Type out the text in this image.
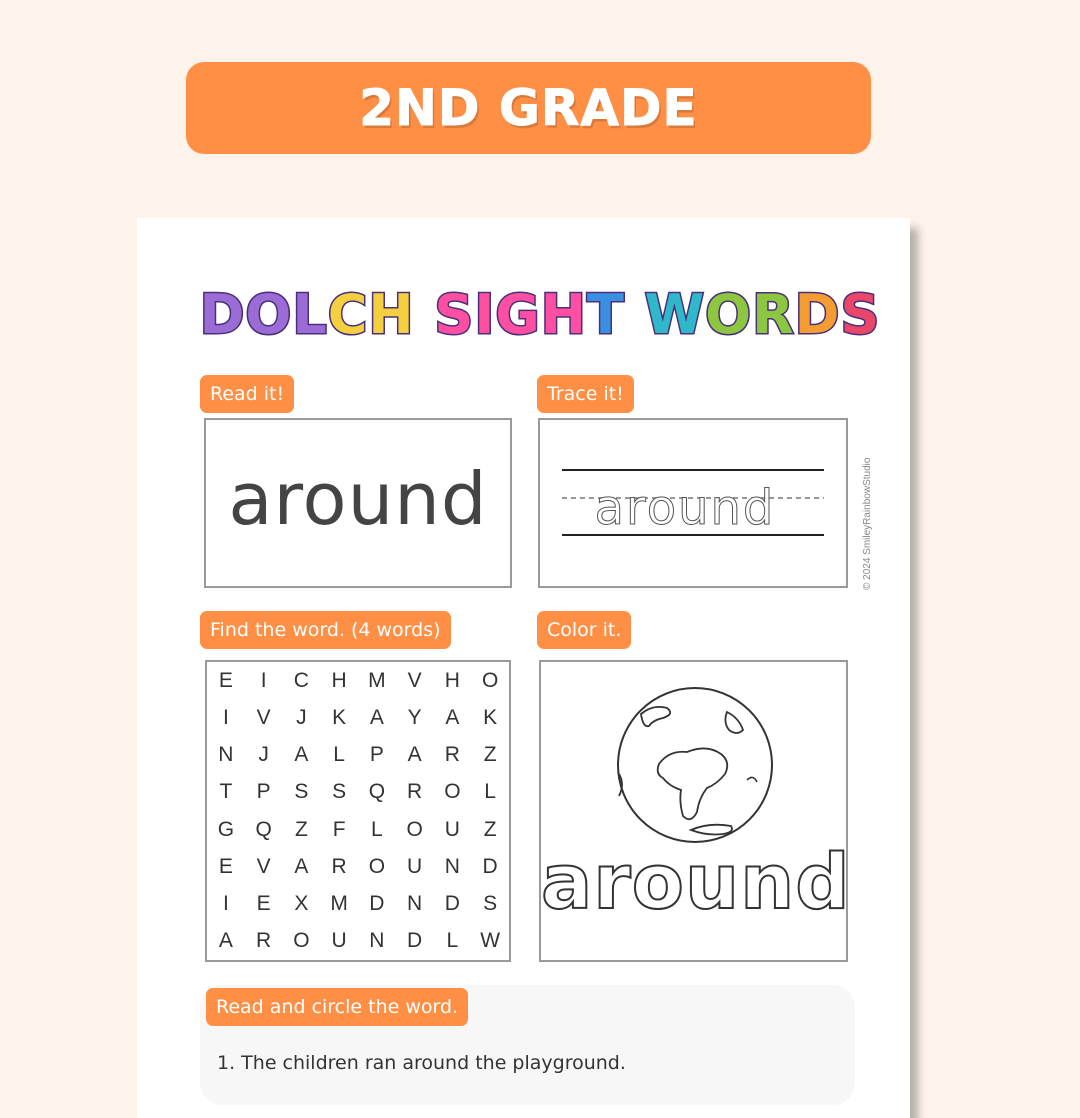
2ND GRADE
DOLCH SIGHT WORDS
Read it!
around
Trace it!
around
Find the word. (4 words)
E	I	C	H	M	V	H	O
I	V	J	K	A	Y	A	K
N	J	A	L	P	A	R	Z
T	P	S	S	Q	R	O	L
G	Q	Z	F	L	O	U	Z
E	V	A	R	O	U	N	D
I	E	X	M	D	N	D	S
A	R	O	U	N	D	L	W
Color it.
around
© 2024 SmileyRainbowStudio
Read and circle the word.
1. The children ran around the playground.
